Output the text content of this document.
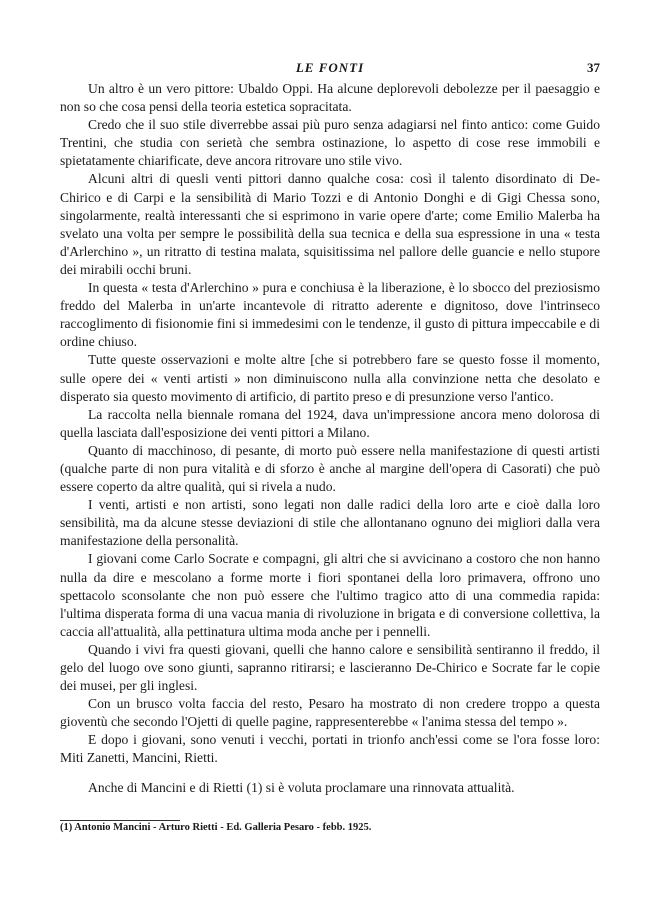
LE FONTI	37

Un altro è un vero pittore: Ubaldo Oppi. Ha alcune deplorevoli debolezze per il paesaggio e non so che cosa pensi della teoria estetica sopracitata.

Credo che il suo stile diverrebbe assai più puro senza adagiarsi nel finto antico: come Guido Trentini, che studia con serietà che sembra ostinazione, lo aspetto di cose rese immobili e spietatamente chiarificate, deve ancora ritrovare uno stile vivo.

Alcuni altri di quesli venti pittori danno qualche cosa: così il talento disordinato di De-Chirico e di Carpi e la sensibilità di Mario Tozzi e di Antonio Donghi e di Gigi Chessa sono, singolarmente, realtà interessanti che si esprimono in varie opere d'arte; come Emilio Malerba ha svelato una volta per sempre le possibilità della sua tecnica e della sua espressione in una « testa d'Arlerchino », un ritratto di testina malata, squisitissima nel pallore delle guancie e nello stupore dei mirabili occhi bruni.

In questa « testa d'Arlerchino » pura e conchiusa è la liberazione, è lo sbocco del preziosismo freddo del Malerba in un'arte incantevole di ritratto aderente e dignitoso, dove l'intrinseco raccoglimento di fisionomie fini si immedesimi con le tendenze, il gusto di pittura impeccabile e di ordine chiuso.

Tutte queste osservazioni e molte altre [che si potrebbero fare se questo fosse il momento, sulle opere dei « venti artisti » non diminuiscono nulla alla convinzione netta che desolato e disperato sia questo movimento di artificio, di partito preso e di presunzione verso l'antico.

La raccolta nella biennale romana del 1924, dava un'impressione ancora meno dolorosa di quella lasciata dall'esposizione dei venti pittori a Milano.

Quanto di macchinoso, di pesante, di morto può essere nella manifestazione di questi artisti (qualche parte di non pura vitalità e di sforzo è anche al margine dell'opera di Casorati) che può essere coperto da altre qualità, qui si rivela a nudo.

I venti, artisti e non artisti, sono legati non dalle radici della loro arte e cioè dalla loro sensibilità, ma da alcune stesse deviazioni di stile che allontanano ognuno dei migliori dalla vera manifestazione della personalità.

I giovani come Carlo Socrate e compagni, gli altri che si avvicinano a costoro che non hanno nulla da dire e mescolano a forme morte i fiori spontanei della loro primavera, offrono uno spettacolo sconsolante che non può essere che l'ultimo tragico atto di una commedia rapida: l'ultima disperata forma di una vacua mania di rivoluzione in brigata e di conversione collettiva, la caccia all'attualità, alla pettinatura ultima moda anche per i pennelli.

Quando i vivi fra questi giovani, quelli che hanno calore e sensibilità sentiranno il freddo, il gelo del luogo ove sono giunti, sapranno ritirarsi; e lascieranno De-Chirico e Socrate far le copie dei musei, per gli inglesi.

Con un brusco volta faccia del resto, Pesaro ha mostrato di non credere troppo a questa gioventù che secondo l'Ojetti di quelle pagine, rappresenterebbe « l'anima stessa del tempo ».

E dopo i giovani, sono venuti i vecchi, portati in trionfo anch'essi come se l'ora fosse loro: Miti Zanetti, Mancini, Rietti.

Anche di Mancini e di Rietti (1) si è voluta proclamare una rinnovata attualità.

(1) Antonio Mancini - Arturo Rietti - Ed. Galleria Pesaro - febb. 1925.
